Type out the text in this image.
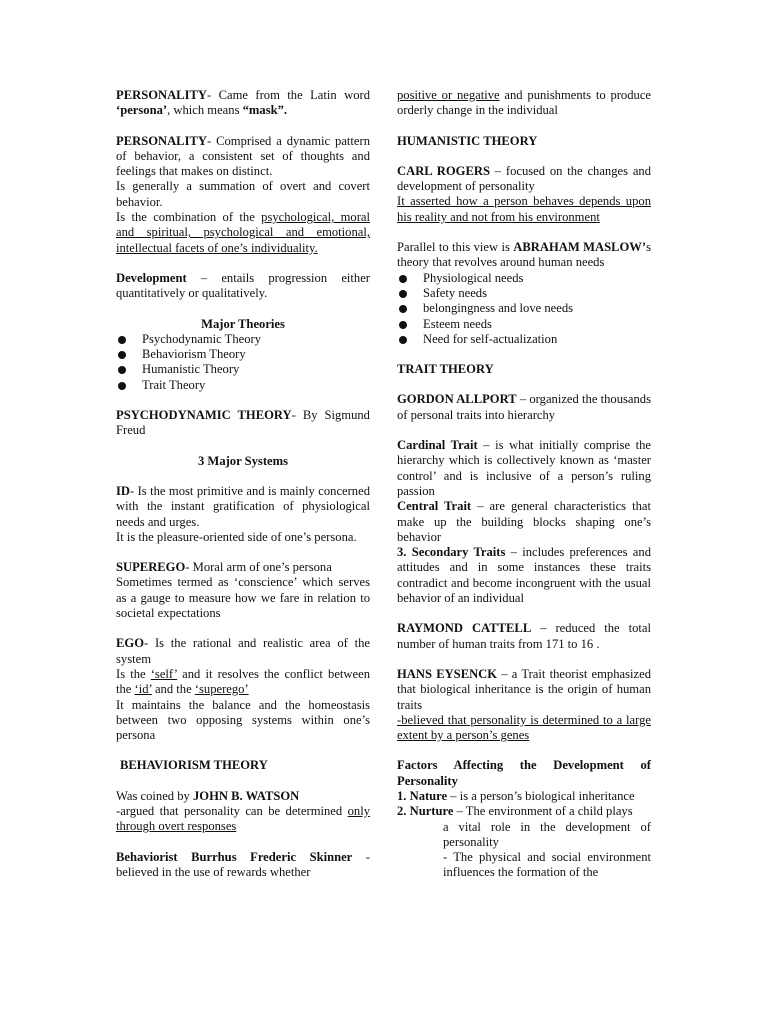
PERSONALITY- Came from the Latin word ‘persona’, which means “mask”.

PERSONALITY- Comprised a dynamic pattern of behavior, a consistent set of thoughts and feelings that makes on distinct.

Is generally a summation of overt and covert behavior.

Is the combination of the psychological, moral and spiritual, psychological and emotional, intellectual facets of one’s individuality.

Development – entails progression either quantitatively or qualitatively.

Major Theories

Psychodynamic Theory
Behaviorism Theory
Humanistic Theory
Trait Theory

PSYCHODYNAMIC THEORY- By Sigmund Freud

3 Major Systems

ID- Is the most primitive and is mainly concerned with the instant gratification of physiological needs and urges.

It is the pleasure-oriented side of one’s persona.

SUPEREGO- Moral arm of one’s persona

Sometimes termed as ‘conscience’ which serves as a gauge to measure how we fare in relation to societal expectations

EGO- Is the rational and realistic area of the system

Is the ‘self’ and it resolves the conflict between the ‘id’ and the ‘superego’

It maintains the balance and the homeostasis between two opposing systems within one’s persona

BEHAVIORISM THEORY

Was coined by JOHN B. WATSON

-argued that personality can be determined only through overt responses

Behaviorist Burrhus Frederic Skinner - believed in the use of rewards whether

positive or negative and punishments to produce orderly change in the individual

HUMANISTIC THEORY

CARL ROGERS – focused on the changes and development of personality

It asserted how a person behaves depends upon his reality and not from his environment

Parallel to this view is ABRAHAM MASLOW’s theory that revolves around human needs

Physiological needs
Safety needs
belongingness and love needs
Esteem needs
Need for self-actualization

TRAIT THEORY

GORDON ALLPORT – organized the thousands of personal traits into hierarchy

Cardinal Trait – is what initially comprise the hierarchy which is collectively known as ‘master control’ and is inclusive of a person’s ruling passion

Central Trait – are general characteristics that make up the building blocks shaping one’s behavior

3. Secondary Traits – includes preferences and attitudes and in some instances these traits contradict and become incongruent with the usual behavior of an individual

RAYMOND CATTELL – reduced the total number of human traits from 171 to 16 .

HANS EYSENCK – a Trait theorist emphasized that biological inheritance is the origin of human traits

-believed that personality is determined to a large extent by a person’s genes

Factors Affecting the Development of Personality

1. Nature – is a person’s biological inheritance

2. Nurture – The environment of a child plays

a vital role in the development of personality

- The physical and social environment influences the formation of the
